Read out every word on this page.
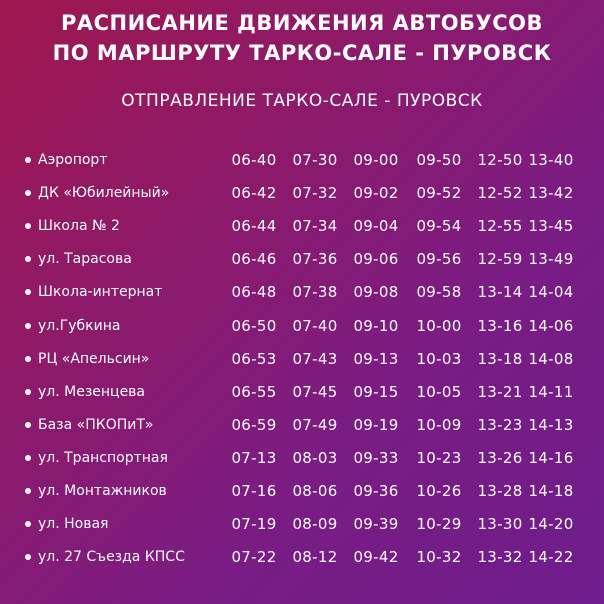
РАСПИСАНИЕ ДВИЖЕНИЯ АВТОБУСОВ
ПО МАРШРУТУ ТАРКО-САЛЕ - ПУРОВСК
ОТПРАВЛЕНИЕ ТАРКО-САЛЕ - ПУРОВСК
Аэропорт	06-40	07-30	09-00	09-50	12-50 13-40
ДК «Юбилейный»	06-42	07-32	09-02	09-52	12-52 13-42
Школа № 2	06-44	07-34	09-04	09-54	12-55 13-45
ул. Тарасова	06-46	07-36	09-06	09-56	12-59 13-49
Школа-интернат	06-48	07-38	09-08	09-58	13-14 14-04
ул.Губкина	06-50	07-40	09-10	10-00	13-16 14-06
РЦ «Апельсин»	06-53	07-43	09-13	10-03	13-18 14-08
ул. Мезенцева	06-55	07-45	09-15	10-05	13-21 14-11
База «ПКОПиТ»	06-59	07-49	09-19	10-09	13-23 14-13
ул. Транспортная	07-13	08-03	09-33	10-23	13-26 14-16
ул. Монтажников	07-16	08-06	09-36	10-26	13-28 14-18
ул. Новая	07-19	08-09	09-39	10-29	13-30 14-20
ул. 27 Съезда КПСС	07-22	08-12	09-42	10-32	13-32 14-22
